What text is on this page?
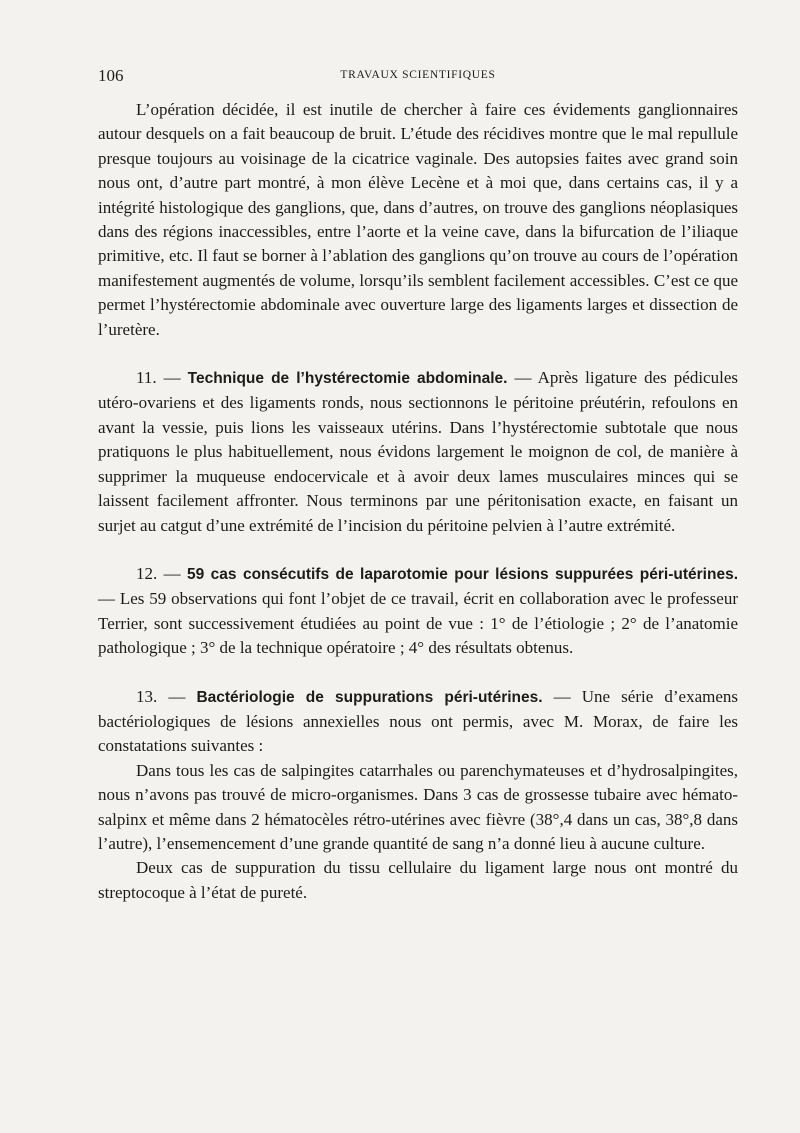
106	TRAVAUX SCIENTIFIQUES

L’opération décidée, il est inutile de chercher à faire ces évidements ganglionnaires autour desquels on a fait beaucoup de bruit. L’étude des récidives montre que le mal repullule presque toujours au voisinage de la cicatrice vaginale. Des autopsies faites avec grand soin nous ont, d’autre part montré, à mon élève Lecène et à moi que, dans certains cas, il y a intégrité histologique des ganglions, que, dans d’autres, on trouve des ganglions néoplasiques dans des régions inaccessibles, entre l’aorte et la veine cave, dans la bifurcation de l’iliaque primitive, etc. Il faut se borner à l’ablation des ganglions qu’on trouve au cours de l’opération manifestement augmentés de volume, lorsqu’ils semblent facilement accessibles. C’est ce que permet l’hystérectomie abdominale avec ouverture large des ligaments larges et dissection de l’uretère.

11. — Technique de l’hystérectomie abdominale. — Après ligature des pédicules utéro-ovariens et des ligaments ronds, nous sectionnons le péritoine préutérin, refoulons en avant la vessie, puis lions les vaisseaux utérins. Dans l’hystérectomie subtotale que nous pratiquons le plus habituellement, nous évidons largement le moignon de col, de manière à supprimer la muqueuse endocervicale et à avoir deux lames musculaires minces qui se laissent facilement affronter. Nous terminons par une péritonisation exacte, en faisant un surjet au catgut d’une extrémité de l’incision du péritoine pelvien à l’autre extrémité.

12. — 59 cas consécutifs de laparotomie pour lésions suppurées péri-utérines. — Les 59 observations qui font l’objet de ce travail, écrit en collaboration avec le professeur Terrier, sont successivement étudiées au point de vue : 1° de l’étiologie ; 2° de l’anatomie pathologique ; 3° de la technique opératoire ; 4° des résultats obtenus.

13. — Bactériologie de suppurations péri-utérines. — Une série d’examens bactériologiques de lésions annexielles nous ont permis, avec M. Morax, de faire les constatations suivantes :

Dans tous les cas de salpingites catarrhales ou parenchymateuses et d’hydrosalpingites, nous n’avons pas trouvé de micro-organismes. Dans 3 cas de grossesse tubaire avec hémato-salpinx et même dans 2 hématocèles rétro-utérines avec fièvre (38°,4 dans un cas, 38°,8 dans l’autre), l’ensemencement d’une grande quantité de sang n’a donné lieu à aucune culture.

Deux cas de suppuration du tissu cellulaire du ligament large nous ont montré du streptocoque à l’état de pureté.
